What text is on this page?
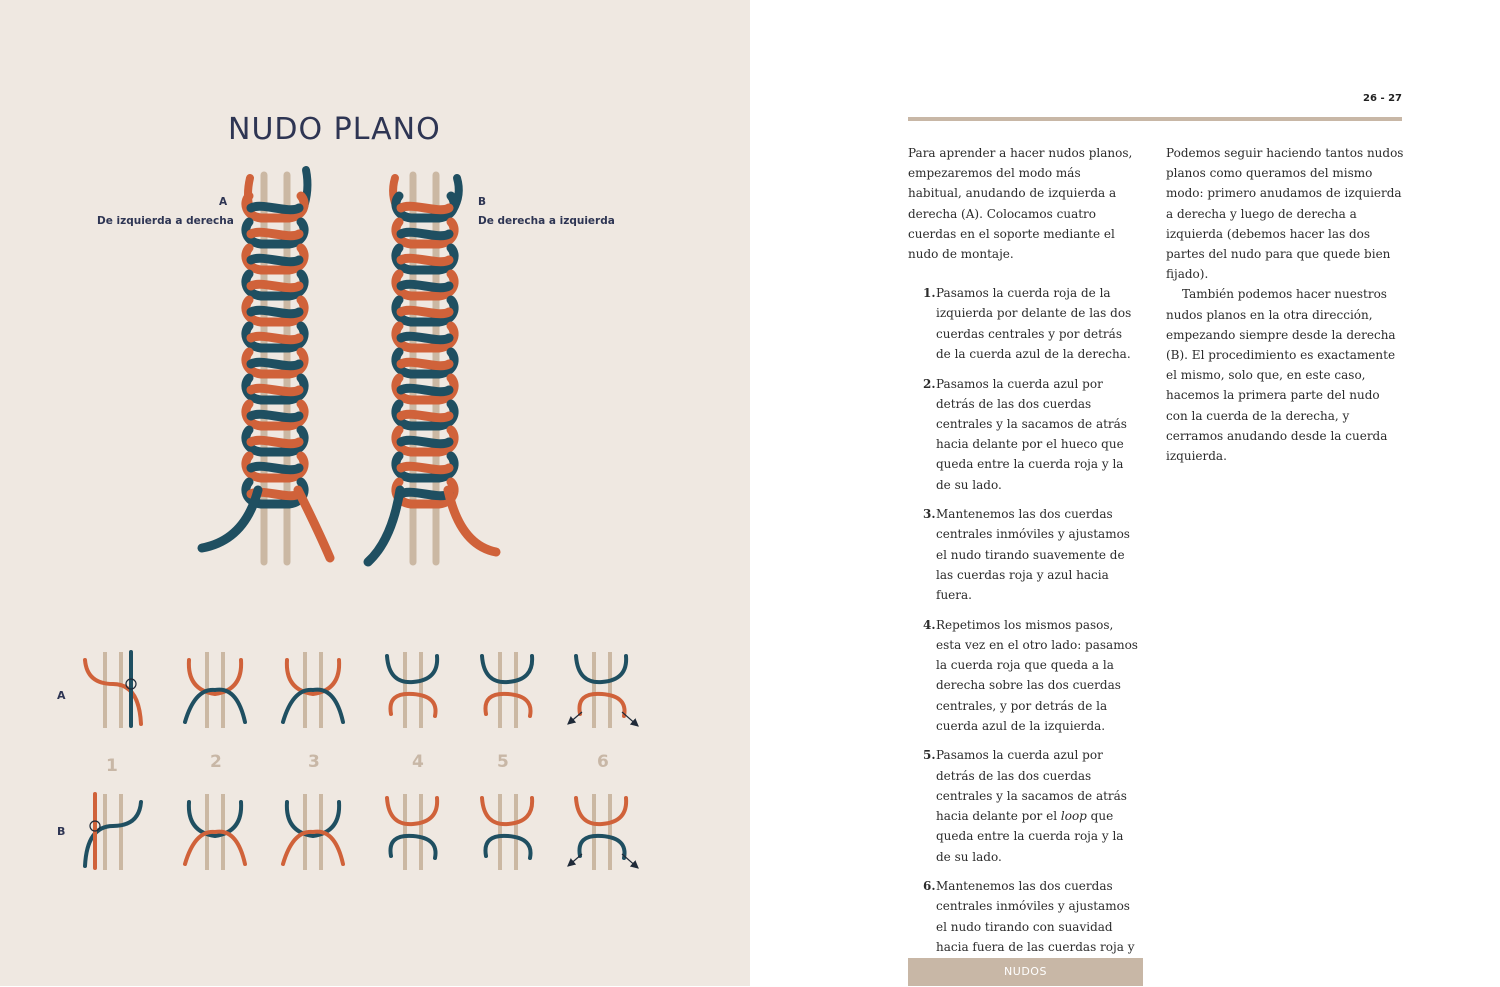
NUDO PLANO
A
De izquierda a derecha
B
De derecha a izquierda
A
B
1	2	3	4	5	6
26 - 27

Para aprender a hacer nudos planos, empezaremos del modo más habitual, anudando de izquierda a derecha (A). Colocamos cuatro cuerdas en el soporte mediante el nudo de montaje.

1. Pasamos la cuerda roja de la izquierda por delante de las dos cuerdas centrales y por detrás de la cuerda azul de la derecha.
2. Pasamos la cuerda azul por detrás de las dos cuerdas centrales y la sacamos de atrás hacia delante por el hueco que queda entre la cuerda roja y la de su lado.
3. Mantenemos las dos cuerdas centrales inmóviles y ajustamos el nudo tirando suavemente de las cuerdas roja y azul hacia fuera.
4. Repetimos los mismos pasos, esta vez en el otro lado: pasamos la cuerda roja que queda a la derecha sobre las dos cuerdas centrales, y por detrás de la cuerda azul de la izquierda.
5. Pasamos la cuerda azul por detrás de las dos cuerdas centrales y la sacamos de atrás hacia delante por el loop que queda entre la cuerda roja y la de su lado.
6. Mantenemos las dos cuerdas centrales inmóviles y ajustamos el nudo tirando con suavidad hacia fuera de las cuerdas roja y

Podemos seguir haciendo tantos nudos planos como queramos del mismo modo: primero anudamos de izquierda a derecha y luego de derecha a izquierda (debemos hacer las dos partes del nudo para que quede bien fijado).

También podemos hacer nuestros nudos planos en la otra dirección, empezando siempre desde la derecha (B). El procedimiento es exactamente el mismo, solo que, en este caso, hacemos la primera parte del nudo con la cuerda de la derecha, y cerramos anudando desde la cuerda izquierda.

NUDOS
